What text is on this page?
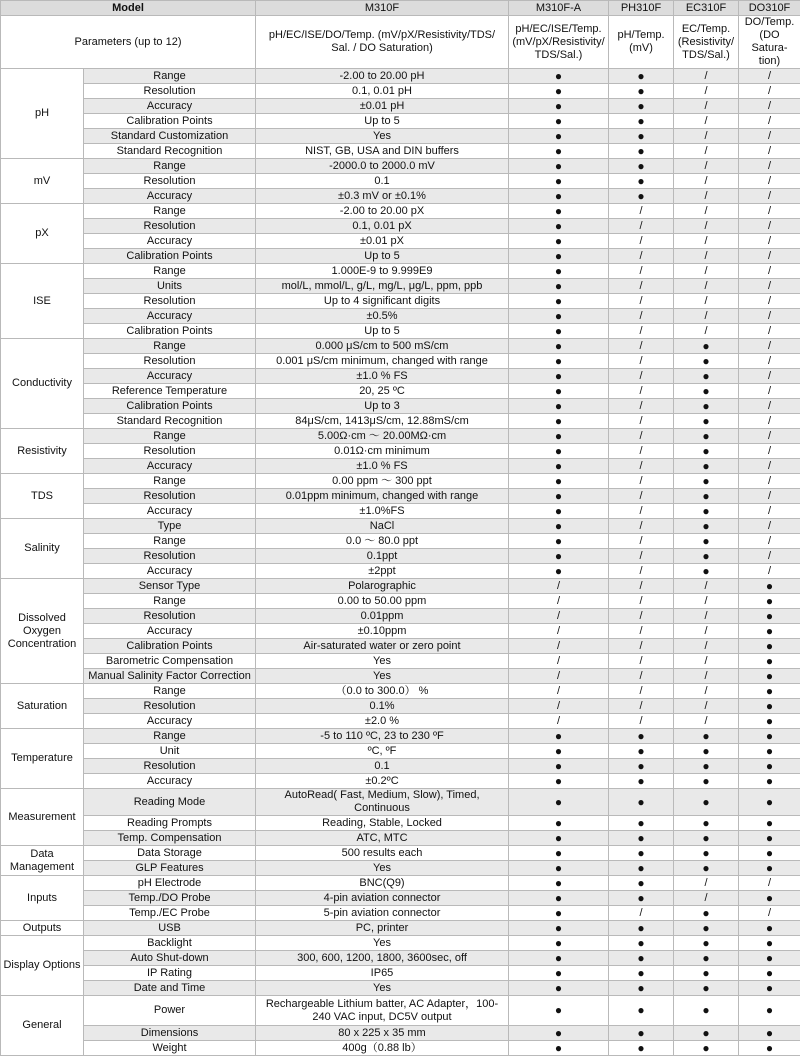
Model		M310F	M310F-A	PH310F	EC310F	DO310F
Parameters (up to 12)		pH/EC/ISE/DO/Temp. (mV/pX/Resistivity/TDS/ Sal. / DO Saturation)	pH/EC/ISE/Temp. (mV/pX/Resistivity/ TDS/Sal.)	pH/Temp. (mV)	EC/Temp. (Resistivity/ TDS/Sal.)	DO/Temp. (DO Satura- tion)
pH	Range	-2.00 to 20.00 pH	●	●	/	/
	Resolution	0.1, 0.01 pH	●	●	/	/
	Accuracy	±0.01 pH	●	●	/	/
	Calibration Points	Up to 5	●	●	/	/
	Standard Customization	Yes	●	●	/	/
	Standard Recognition	NIST, GB, USA and DIN buffers	●	●	/	/
mV	Range	-2000.0 to 2000.0 mV	●	●	/	/
	Resolution	0.1	●	●	/	/
	Accuracy	±0.3 mV or ±0.1%	●	●	/	/
pX	Range	-2.00 to 20.00 pX	●	/	/	/
	Resolution	0.1, 0.01 pX	●	/	/	/
	Accuracy	±0.01 pX	●	/	/	/
	Calibration Points	Up to 5	●	/	/	/
ISE	Range	1.000E-9 to 9.999E9	●	/	/	/
	Units	mol/L, mmol/L, g/L, mg/L, μg/L, ppm, ppb	●	/	/	/
	Resolution	Up to 4 significant digits	●	/	/	/
	Accuracy	±0.5%	●	/	/	/
	Calibration Points	Up to 5	●	/	/	/
Conductivity	Range	0.000 μS/cm to 500 mS/cm	●	/	●	/
	Resolution	0.001 μS/cm minimum, changed with range	●	/	●	/
	Accuracy	±1.0 % FS	●	/	●	/
	Reference Temperature	20, 25 ºC	●	/	●	/
	Calibration Points	Up to 3	●	/	●	/
	Standard Recognition	84μS/cm, 1413μS/cm, 12.88mS/cm	●	/	●	/
Resistivity	Range	5.00Ω·cm ～ 20.00MΩ·cm	●	/	●	/
	Resolution	0.01Ω·cm minimum	●	/	●	/
	Accuracy	±1.0 % FS	●	/	●	/
TDS	Range	0.00 ppm ～ 300 ppt	●	/	●	/
	Resolution	0.01ppm minimum, changed with range	●	/	●	/
	Accuracy	±1.0%FS	●	/	●	/
Salinity	Type	NaCl	●	/	●	/
	Range	0.0 ～ 80.0 ppt	●	/	●	/
	Resolution	0.1ppt	●	/	●	/
	Accuracy	±2ppt	●	/	●	/
Dissolved Oxygen Concentration	Sensor Type	Polarographic	/	/	/	●
	Range	0.00 to 50.00 ppm	/	/	/	●
	Resolution	0.01ppm	/	/	/	●
	Accuracy	±0.10ppm	/	/	/	●
	Calibration Points	Air-saturated water or zero point	/	/	/	●
	Barometric Compensation	Yes	/	/	/	●
	Manual Salinity Factor Correction	Yes	/	/	/	●
Saturation	Range	（0.0 to 300.0） %	/	/	/	●
	Resolution	0.1%	/	/	/	●
	Accuracy	±2.0 %	/	/	/	●
Temperature	Range	-5 to 110 ºC, 23 to 230 ºF	●	●	●	●
	Unit	ºC, ºF	●	●	●	●
	Resolution	0.1	●	●	●	●
	Accuracy	±0.2ºC	●	●	●	●
Measurement	Reading Mode	AutoRead( Fast, Medium, Slow), Timed, Continuous	●	●	●	●
	Reading Prompts	Reading, Stable, Locked	●	●	●	●
	Temp. Compensation	ATC, MTC	●	●	●	●
Data Management	Data Storage	500 results each	●	●	●	●
	GLP Features	Yes	●	●	●	●
Inputs	pH Electrode	BNC(Q9)	●	●	/	/
	Temp./DO Probe	4-pin aviation connector	●	●	/	●
	Temp./EC Probe	5-pin aviation connector	●	/	●	/
Outputs	USB	PC, printer	●	●	●	●
Display Options	Backlight	Yes	●	●	●	●
	Auto Shut-down	300, 600, 1200, 1800, 3600sec, off	●	●	●	●
	IP Rating	IP65	●	●	●	●
	Date and Time	Yes	●	●	●	●
General	Power	Rechargeable Lithium batter, AC Adapter，100-240 VAC input, DC5V output	●	●	●	●
	Dimensions	80 x 225 x 35 mm	●	●	●	●
	Weight	400g（0.88 lb）	●	●	●	●
